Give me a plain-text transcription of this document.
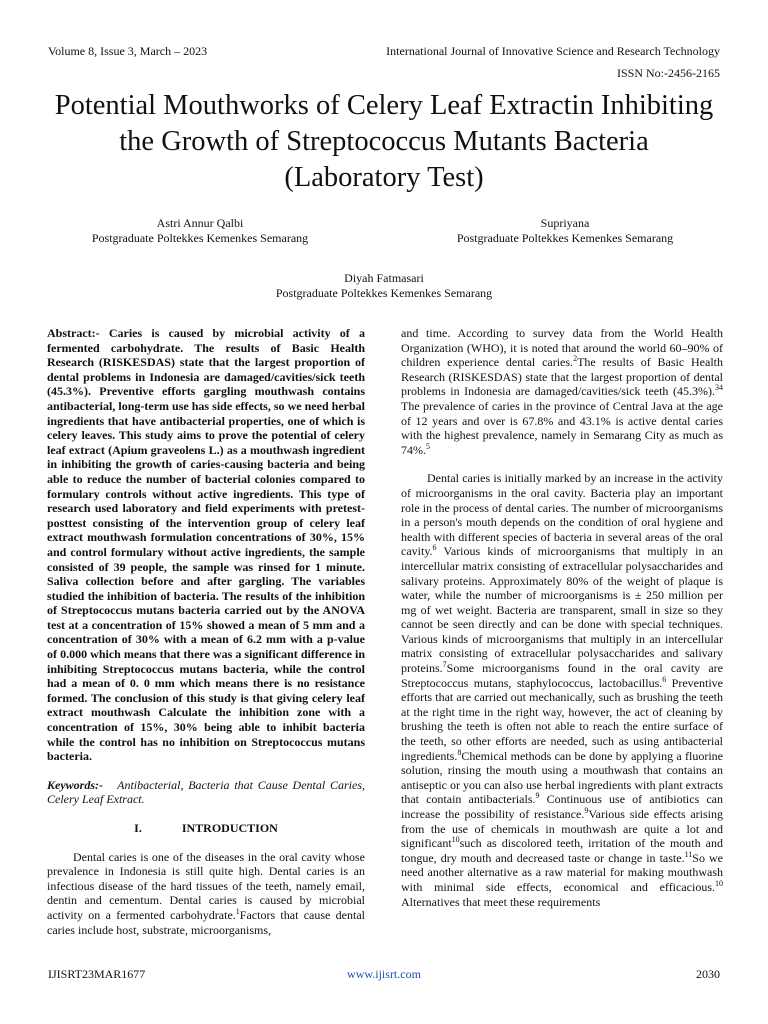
Volume 8, Issue 3, March – 2023	International Journal of Innovative Science and Research Technology
ISSN No:-2456-2165
Potential Mouthworks of Celery Leaf Extractin Inhibiting the Growth of Streptococcus Mutants Bacteria (Laboratory Test)
Astri Annur Qalbi
Postgraduate Poltekkes Kemenkes Semarang
Supriyana
Postgraduate Poltekkes Kemenkes Semarang
Diyah Fatmasari
Postgraduate Poltekkes Kemenkes Semarang

Abstract:- Caries is caused by microbial activity of a fermented carbohydrate. The results of Basic Health Research (RISKESDAS) state that the largest proportion of dental problems in Indonesia are damaged/cavities/sick teeth (45.3%). Preventive efforts gargling mouthwash contains antibacterial, long-term use has side effects, so we need herbal ingredients that have antibacterial properties, one of which is celery leaves. This study aims to prove the potential of celery leaf extract (Apium graveolens L.) as a mouthwash ingredient in inhibiting the growth of caries-causing bacteria and being able to reduce the number of bacterial colonies compared to formulary controls without active ingredients. This type of research used laboratory and field experiments with pretest-posttest consisting of the intervention group of celery leaf extract mouthwash formulation concentrations of 30%, 15% and control formulary without active ingredients, the sample consisted of 39 people, the sample was rinsed for 1 minute. Saliva collection before and after gargling. The variables studied the inhibition of bacteria. The results of the inhibition of Streptococcus mutans bacteria carried out by the ANOVA test at a concentration of 15% showed a mean of 5 mm and a concentration of 30% with a mean of 6.2 mm with a p-value of 0.000 which means that there was a significant difference in inhibiting Streptococcus mutans bacteria, while the control had a mean of 0. 0 mm which means there is no resistance formed. The conclusion of this study is that giving celery leaf extract mouthwash Calculate the inhibition zone with a concentration of 15%, 30% being able to inhibit bacteria while the control has no inhibition on Streptococcus mutans bacteria.

Keywords:- Antibacterial, Bacteria that Cause Dental Caries, Celery Leaf Extract.

I.	INTRODUCTION

Dental caries is one of the diseases in the oral cavity whose prevalence in Indonesia is still quite high. Dental caries is an infectious disease of the hard tissues of the teeth, namely email, dentin and cementum. Dental caries is caused by microbial activity on a fermented carbohydrate.$^1$Factors that cause dental caries include host, substrate, microorganisms,

and time. According to survey data from the World Health Organization (WHO), it is noted that around the world 60–90% of children experience dental caries.$^2$The results of Basic Health Research (RISKESDAS) state that the largest proportion of dental problems in Indonesia are damaged/cavities/sick teeth (45.3%).$^{34}$ The prevalence of caries in the province of Central Java at the age of 12 years and over is 67.8% and 43.1% is active dental caries with the highest prevalence, namely in Semarang City as much as 74%.$^5$

Dental caries is initially marked by an increase in the activity of microorganisms in the oral cavity. Bacteria play an important role in the process of dental caries. The number of microorganisms in a person's mouth depends on the condition of oral hygiene and health with different species of bacteria in several areas of the oral cavity.$^6$ Various kinds of microorganisms that multiply in an intercellular matrix consisting of extracellular polysaccharides and salivary proteins. Approximately 80% of the weight of plaque is water, while the number of microorganisms is ± 250 million per mg of wet weight. Bacteria are transparent, small in size so they cannot be seen directly and can be done with special techniques. Various kinds of microorganisms that multiply in an intercellular matrix consisting of extracellular polysaccharides and salivary proteins.$^7$Some microorganisms found in the oral cavity are Streptococcus mutans, staphylococcus, lactobacillus.$^6$ Preventive efforts that are carried out mechanically, such as brushing the teeth at the right time in the right way, however, the act of cleaning by brushing the teeth is often not able to reach the entire surface of the teeth, so other efforts are needed, such as using antibacterial ingredients.$^8$Chemical methods can be done by applying a fluorine solution, rinsing the mouth using a mouthwash that contains an antiseptic or you can also use herbal ingredients with plant extracts that contain antibacterials.$^9$ Continuous use of antibiotics can increase the possibility of resistance.$^9$Various side effects arising from the use of chemicals in mouthwash are quite a lot and significant$^{10}$such as discolored teeth, irritation of the mouth and tongue, dry mouth and decreased taste or change in taste.$^{11}$So we need another alternative as a raw material for making mouthwash with minimal side effects, economical and efficacious.$^{10}$ Alternatives that meet these requirements

IJISRT23MAR1677	www.ijisrt.com	2030
